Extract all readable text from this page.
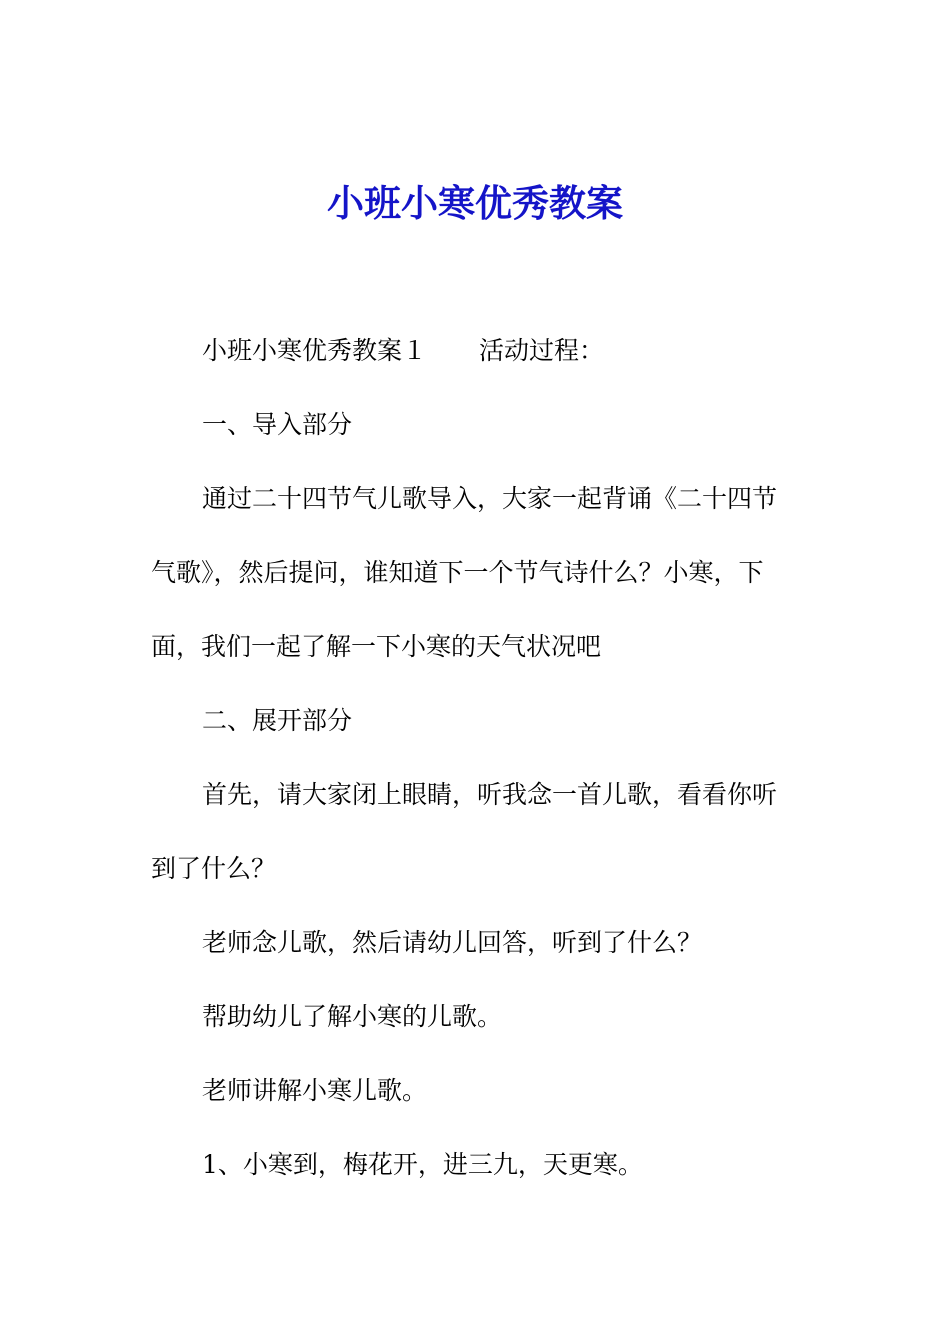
小班小寒优秀教案

小班小寒优秀教案１ 活动过程：

一、导入部分

通过二十四节气儿歌导入，大家一起背诵《二十四节气歌》，然后提问，谁知道下一个节气诗什么？小寒，下面，我们一起了解一下小寒的天气状况吧

二、展开部分

首先，请大家闭上眼睛，听我念一首儿歌，看看你听到了什么？

老师念儿歌，然后请幼儿回答，听到了什么？

帮助幼儿了解小寒的儿歌。

老师讲解小寒儿歌。

1、小寒到，梅花开，进三九，天更寒。
